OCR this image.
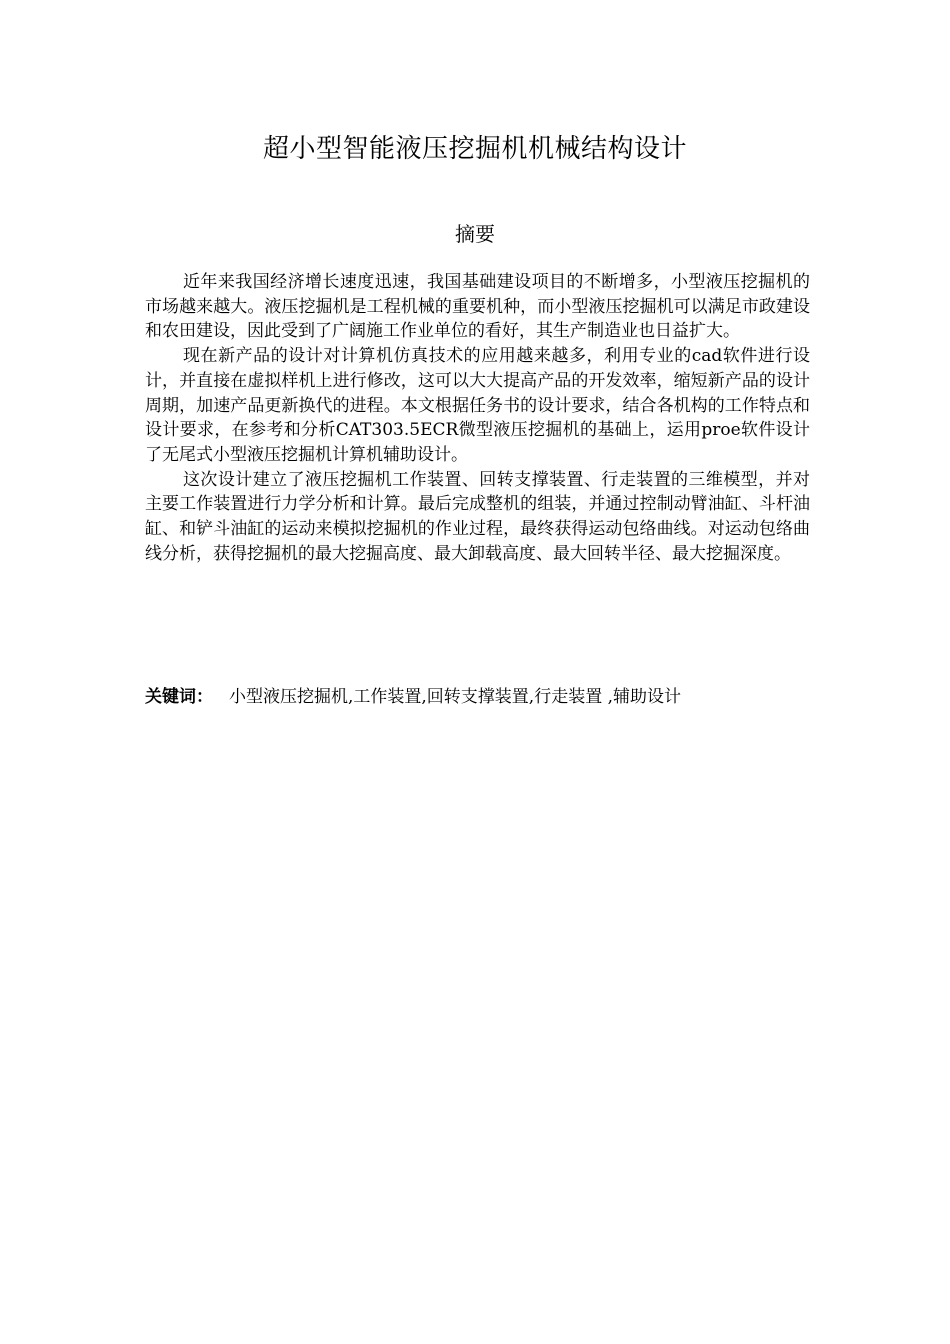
超小型智能液压挖掘机机械结构设计
摘要

近年来我国经济增长速度迅速，我国基础建设项目的不断增多，小型液压挖掘机的市场越来越大。液压挖掘机是工程机械的重要机种，而小型液压挖掘机可以满足市政建设和农田建设，因此受到了广阔施工作业单位的看好，其生产制造业也日益扩大。

现在新产品的设计对计算机仿真技术的应用越来越多，利用专业的cad软件进行设计，并直接在虚拟样机上进行修改，这可以大大提高产品的开发效率，缩短新产品的设计周期，加速产品更新换代的进程。本文根据任务书的设计要求，结合各机构的工作特点和设计要求，在参考和分析CAT303.5ECR微型液压挖掘机的基础上，运用proe软件设计了无尾式小型液压挖掘机计算机辅助设计。

这次设计建立了液压挖掘机工作装置、回转支撑装置、行走装置的三维模型，并对主要工作装置进行力学分析和计算。最后完成整机的组装，并通过控制动臂油缸、斗杆油缸、和铲斗油缸的运动来模拟挖掘机的作业过程，最终获得运动包络曲线。对运动包络曲线分析，获得挖掘机的最大挖掘高度、最大卸载高度、最大回转半径、最大挖掘深度。

关键词： 小型液压挖掘机,工作装置,回转支撑装置,行走装置 ,辅助设计
